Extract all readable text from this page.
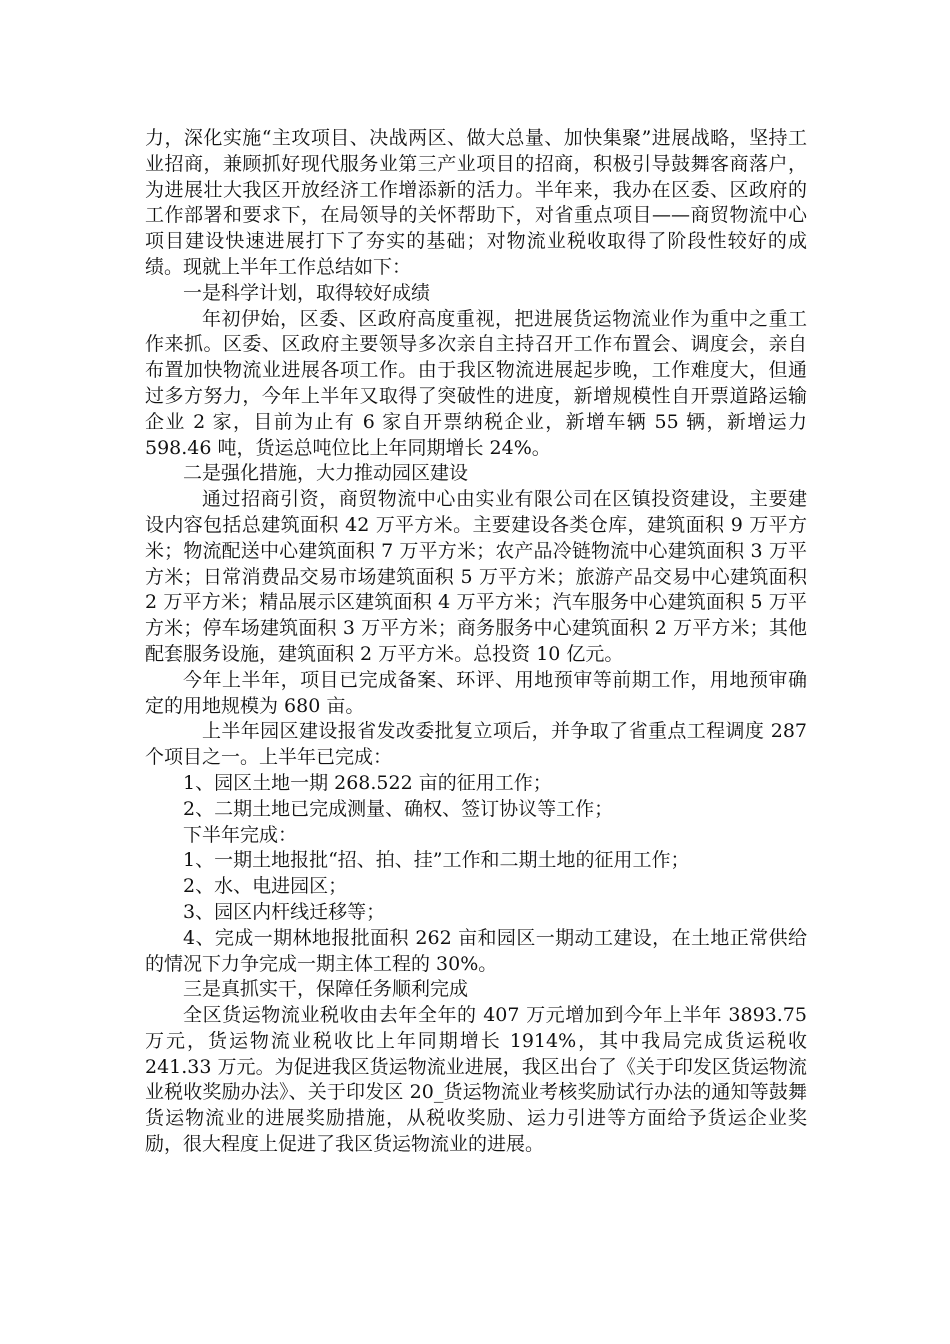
力，深化实施“主攻项目、决战两区、做大总量、加快集聚”进展战略，坚持工业招商，兼顾抓好现代服务业第三产业项目的招商，积极引导鼓舞客商落户，为进展壮大我区开放经济工作增添新的活力。半年来，我办在区委、区政府的工作部署和要求下，在局领导的关怀帮助下，对省重点项目——商贸物流中心项目建设快速进展打下了夯实的基础；对物流业税收取得了阶段性较好的成绩。现就上半年工作总结如下：

一是科学计划，取得较好成绩

年初伊始，区委、区政府高度重视，把进展货运物流业作为重中之重工作来抓。区委、区政府主要领导多次亲自主持召开工作布置会、调度会，亲自布置加快物流业进展各项工作。由于我区物流进展起步晚，工作难度大，但通过多方努力，今年上半年又取得了突破性的进度，新增规模性自开票道路运输企业 2 家，目前为止有 6 家自开票纳税企业，新增车辆 55 辆，新增运力 598.46 吨，货运总吨位比上年同期增长 24%。

二是强化措施，大力推动园区建设

通过招商引资，商贸物流中心由实业有限公司在区镇投资建设，主要建设内容包括总建筑面积 42 万平方米。主要建设各类仓库，建筑面积 9 万平方米；物流配送中心建筑面积 7 万平方米；农产品冷链物流中心建筑面积 3 万平方米；日常消费品交易市场建筑面积 5 万平方米；旅游产品交易中心建筑面积 2 万平方米；精品展示区建筑面积 4 万平方米；汽车服务中心建筑面积 5 万平方米；停车场建筑面积 3 万平方米；商务服务中心建筑面积 2 万平方米；其他配套服务设施，建筑面积 2 万平方米。总投资 10 亿元。

今年上半年，项目已完成备案、环评、用地预审等前期工作，用地预审确定的用地规模为 680 亩。

上半年园区建设报省发改委批复立项后，并争取了省重点工程调度 287 个项目之一。上半年已完成：

1、园区土地一期 268.522 亩的征用工作；

2、二期土地已完成测量、确权、签订协议等工作；

下半年完成：

1、一期土地报批“招、拍、挂”工作和二期土地的征用工作；

2、水、电进园区；

3、园区内杆线迁移等；

4、完成一期林地报批面积 262 亩和园区一期动工建设，在土地正常供给的情况下力争完成一期主体工程的 30%。

三是真抓实干，保障任务顺利完成

全区货运物流业税收由去年全年的 407 万元增加到今年上半年 3893.75 万元，货运物流业税收比上年同期增长 1914%，其中我局完成货运税收 241.33 万元。为促进我区货运物流业进展，我区出台了《关于印发区货运物流业税收奖励办法》、关于印发区 20_货运物流业考核奖励试行办法的通知等鼓舞货运物流业的进展奖励措施，从税收奖励、运力引进等方面给予货运企业奖励，很大程度上促进了我区货运物流业的进展。
